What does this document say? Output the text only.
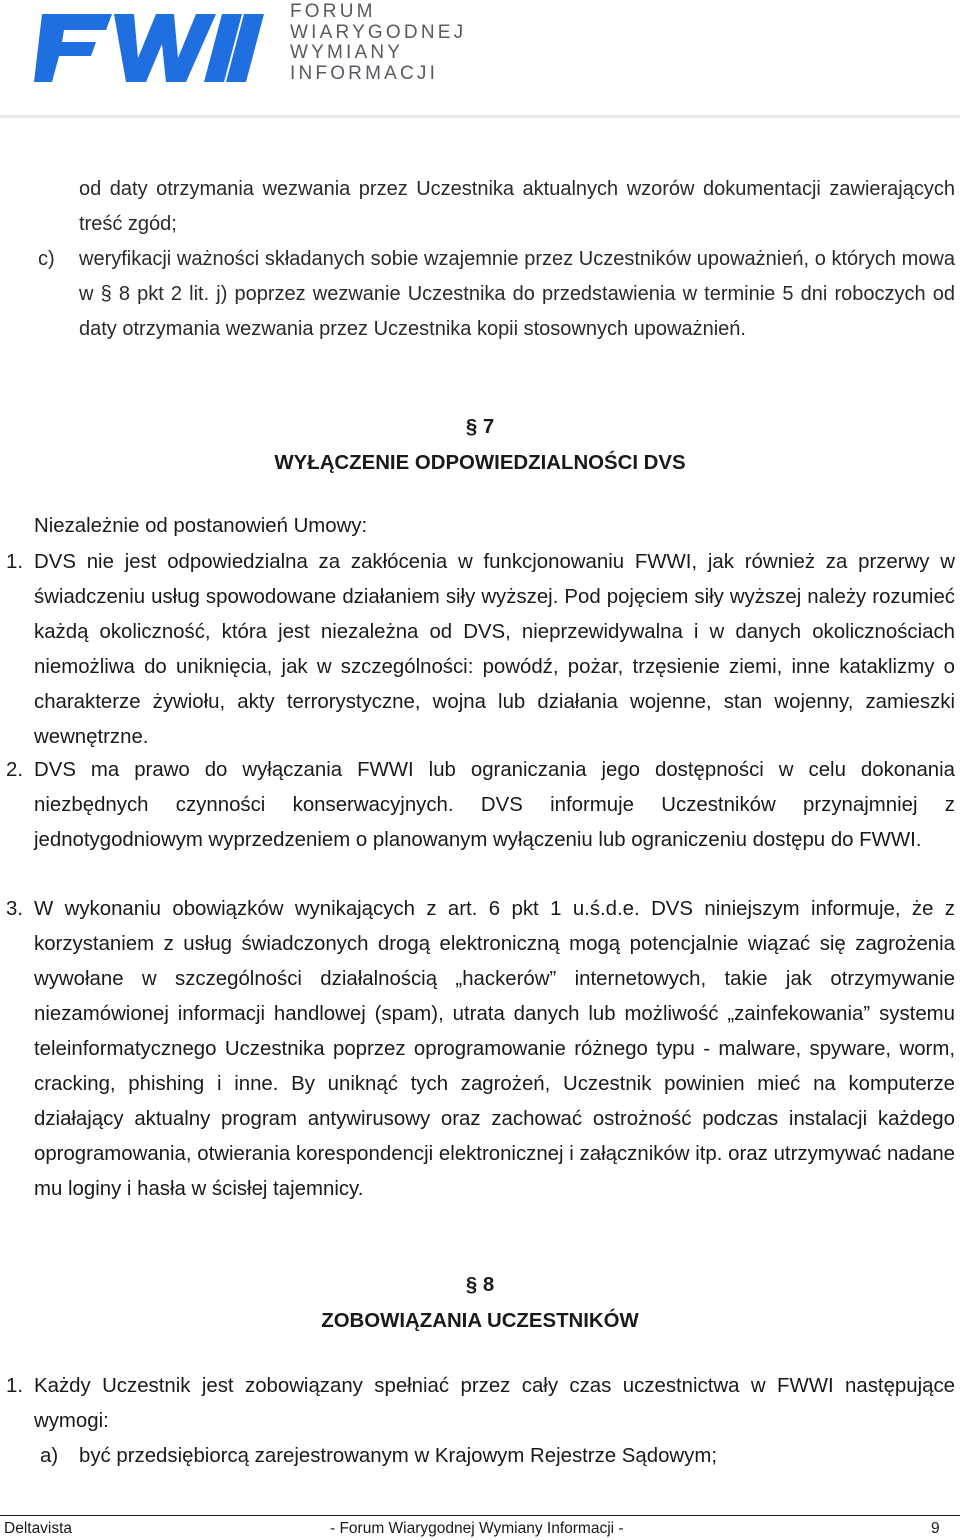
FORUM
WIARYGODNEJ
WYMIANY
INFORMACJI
od daty otrzymania wezwania przez Uczestnika aktualnych wzorów dokumentacji zawierających treść zgód;
c) weryfikacji ważności składanych sobie wzajemnie przez Uczestników upoważnień, o których mowa w § 8 pkt 2 lit. j) poprzez wezwanie Uczestnika do przedstawienia w terminie 5 dni roboczych od daty otrzymania wezwania przez Uczestnika kopii stosownych upoważnień.
§ 7
WYŁĄCZENIE ODPOWIEDZIALNOŚCI DVS
Niezależnie od postanowień Umowy:
1. DVS nie jest odpowiedzialna za zakłócenia w funkcjonowaniu FWWI, jak również za przerwy w świadczeniu usług spowodowane działaniem siły wyższej. Pod pojęciem siły wyższej należy rozumieć każdą okoliczność, która jest niezależna od DVS, nieprzewidywalna i w danych okolicznościach niemożliwa do uniknięcia, jak w szczególności: powódź, pożar, trzęsienie ziemi, inne kataklizmy o charakterze żywiołu, akty terrorystyczne, wojna lub działania wojenne, stan wojenny, zamieszki wewnętrzne.
2. DVS ma prawo do wyłączania FWWI lub ograniczania jego dostępności w celu dokonania niezbędnych czynności konserwacyjnych. DVS informuje Uczestników przynajmniej z jednotygodniowym wyprzedzeniem o planowanym wyłączeniu lub ograniczeniu dostępu do FWWI.
3. W wykonaniu obowiązków wynikających z art. 6 pkt 1 u.ś.d.e. DVS niniejszym informuje, że z korzystaniem z usług świadczonych drogą elektroniczną mogą potencjalnie wiązać się zagrożenia wywołane w szczególności działalnością „hackerów” internetowych, takie jak otrzymywanie niezamówionej informacji handlowej (spam), utrata danych lub możliwość „zainfekowania” systemu teleinformatycznego Uczestnika poprzez oprogramowanie różnego typu - malware, spyware, worm, cracking, phishing i inne. By uniknąć tych zagrożeń, Uczestnik powinien mieć na komputerze działający aktualny program antywirusowy oraz zachować ostrożność podczas instalacji każdego oprogramowania, otwierania korespondencji elektronicznej i załączników itp. oraz utrzymywać nadane mu loginy i hasła w ścisłej tajemnicy.
§ 8
ZOBOWIĄZANIA UCZESTNIKÓW
1. Każdy Uczestnik jest zobowiązany spełniać przez cały czas uczestnictwa w FWWI następujące wymogi:
a) być przedsiębiorcą zarejestrowanym w Krajowym Rejestrze Sądowym;
Deltavista	- Forum Wiarygodnej Wymiany Informacji -	9
